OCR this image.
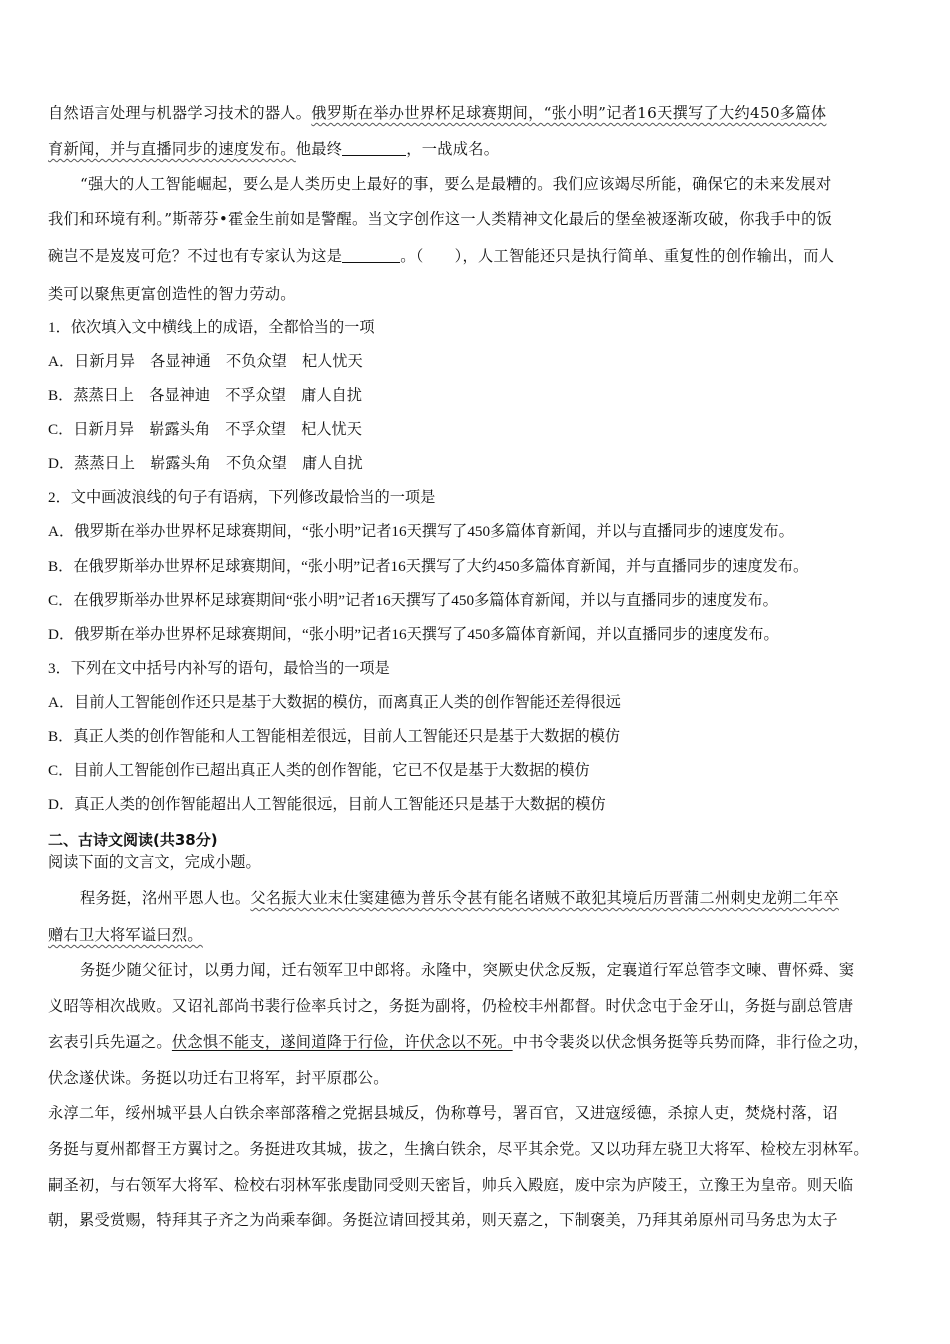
自然语言处理与机器学习技术的器人。俄罗斯在举办世界杯足球赛期间，“张小明”记者16天撰写了大约450多篇体
育新闻，并与直播同步的速度发布。他最终	，一战成名。
“强大的人工智能崛起，要么是人类历史上最好的事，要么是最糟的。我们应该竭尽所能，确保它的未来发展对
我们和环境有利。”斯蒂芬•霍金生前如是警醒。当文字创作这一人类精神文化最后的堡垒被逐渐攻破，你我手中的饭
碗岂不是岌岌可危？不过也有专家认为这是	。（　　），人工智能还只是执行简单、重复性的创作输出，而人
类可以聚焦更富创造性的智力劳动。
1．依次填入文中横线上的成语，全都恰当的一项
A．日新月异　各显神通　不负众望　杞人忧天
B．蒸蒸日上　各显神迪　不孚众望　庸人自扰
C．日新月异　崭露头角　不孚众望　杞人忧天
D．蒸蒸日上　崭露头角　不负众望　庸人自扰
2．文中画波浪线的句子有语病，下列修改最恰当的一项是
A．俄罗斯在举办世界杯足球赛期间，“张小明”记者16天撰写了450多篇体育新闻，并以与直播同步的速度发布。
B．在俄罗斯举办世界杯足球赛期间，“张小明”记者16天撰写了大约450多篇体育新闻，并与直播同步的速度发布。
C．在俄罗斯举办世界杯足球赛期间“张小明”记者16天撰写了450多篇体育新闻，并以与直播同步的速度发布。
D．俄罗斯在举办世界杯足球赛期间，“张小明”记者16天撰写了450多篇体育新闻，并以直播同步的速度发布。
3．下列在文中括号内补写的语句，最恰当的一项是
A．目前人工智能创作还只是基于大数据的模仿，而离真正人类的创作智能还差得很远
B．真正人类的创作智能和人工智能相差很远，目前人工智能还只是基于大数据的模仿
C．目前人工智能创作已超出真正人类的创作智能，它已不仅是基于大数据的模仿
D．真正人类的创作智能超出人工智能很远，目前人工智能还只是基于大数据的模仿
二、古诗文阅读(共38分)
阅读下面的文言文，完成小题。
程务挺，洺州平恩人也。父名振大业末仕窦建德为普乐令甚有能名诸贼不敢犯其境后历晋蒲二州刺史龙朔二年卒
赠右卫大将军谥曰烈。
务挺少随父征讨，以勇力闻，迁右领军卫中郎将。永隆中，突厥史伏念反叛，定襄道行军总管李文暕、曹怀舜、窦
义昭等相次战败。又诏礼部尚书裴行俭率兵讨之，务挺为副将，仍检校丰州都督。时伏念屯于金牙山，务挺与副总管唐
玄表引兵先逼之。伏念惧不能支，遂间道降于行俭，许伏念以不死。中书令裴炎以伏念惧务挺等兵势而降，非行俭之功，
伏念遂伏诛。务挺以功迁右卫将军，封平原郡公。
永淳二年，绥州城平县人白铁余率部落稽之党据县城反，伪称尊号，署百官，又进寇绥德，杀掠人吏，焚烧村落，诏
务挺与夏州都督王方翼讨之。务挺进攻其城，拔之，生擒白铁余，尽平其余党。又以功拜左骁卫大将军、检校左羽林军。
嗣圣初，与右领军大将军、检校右羽林军张虔勖同受则天密旨，帅兵入殿庭，废中宗为庐陵王，立豫王为皇帝。则天临
朝，累受赏赐，特拜其子齐之为尚乘奉御。务挺泣请回授其弟，则天嘉之，下制褒美，乃拜其弟原州司马务忠为太子
